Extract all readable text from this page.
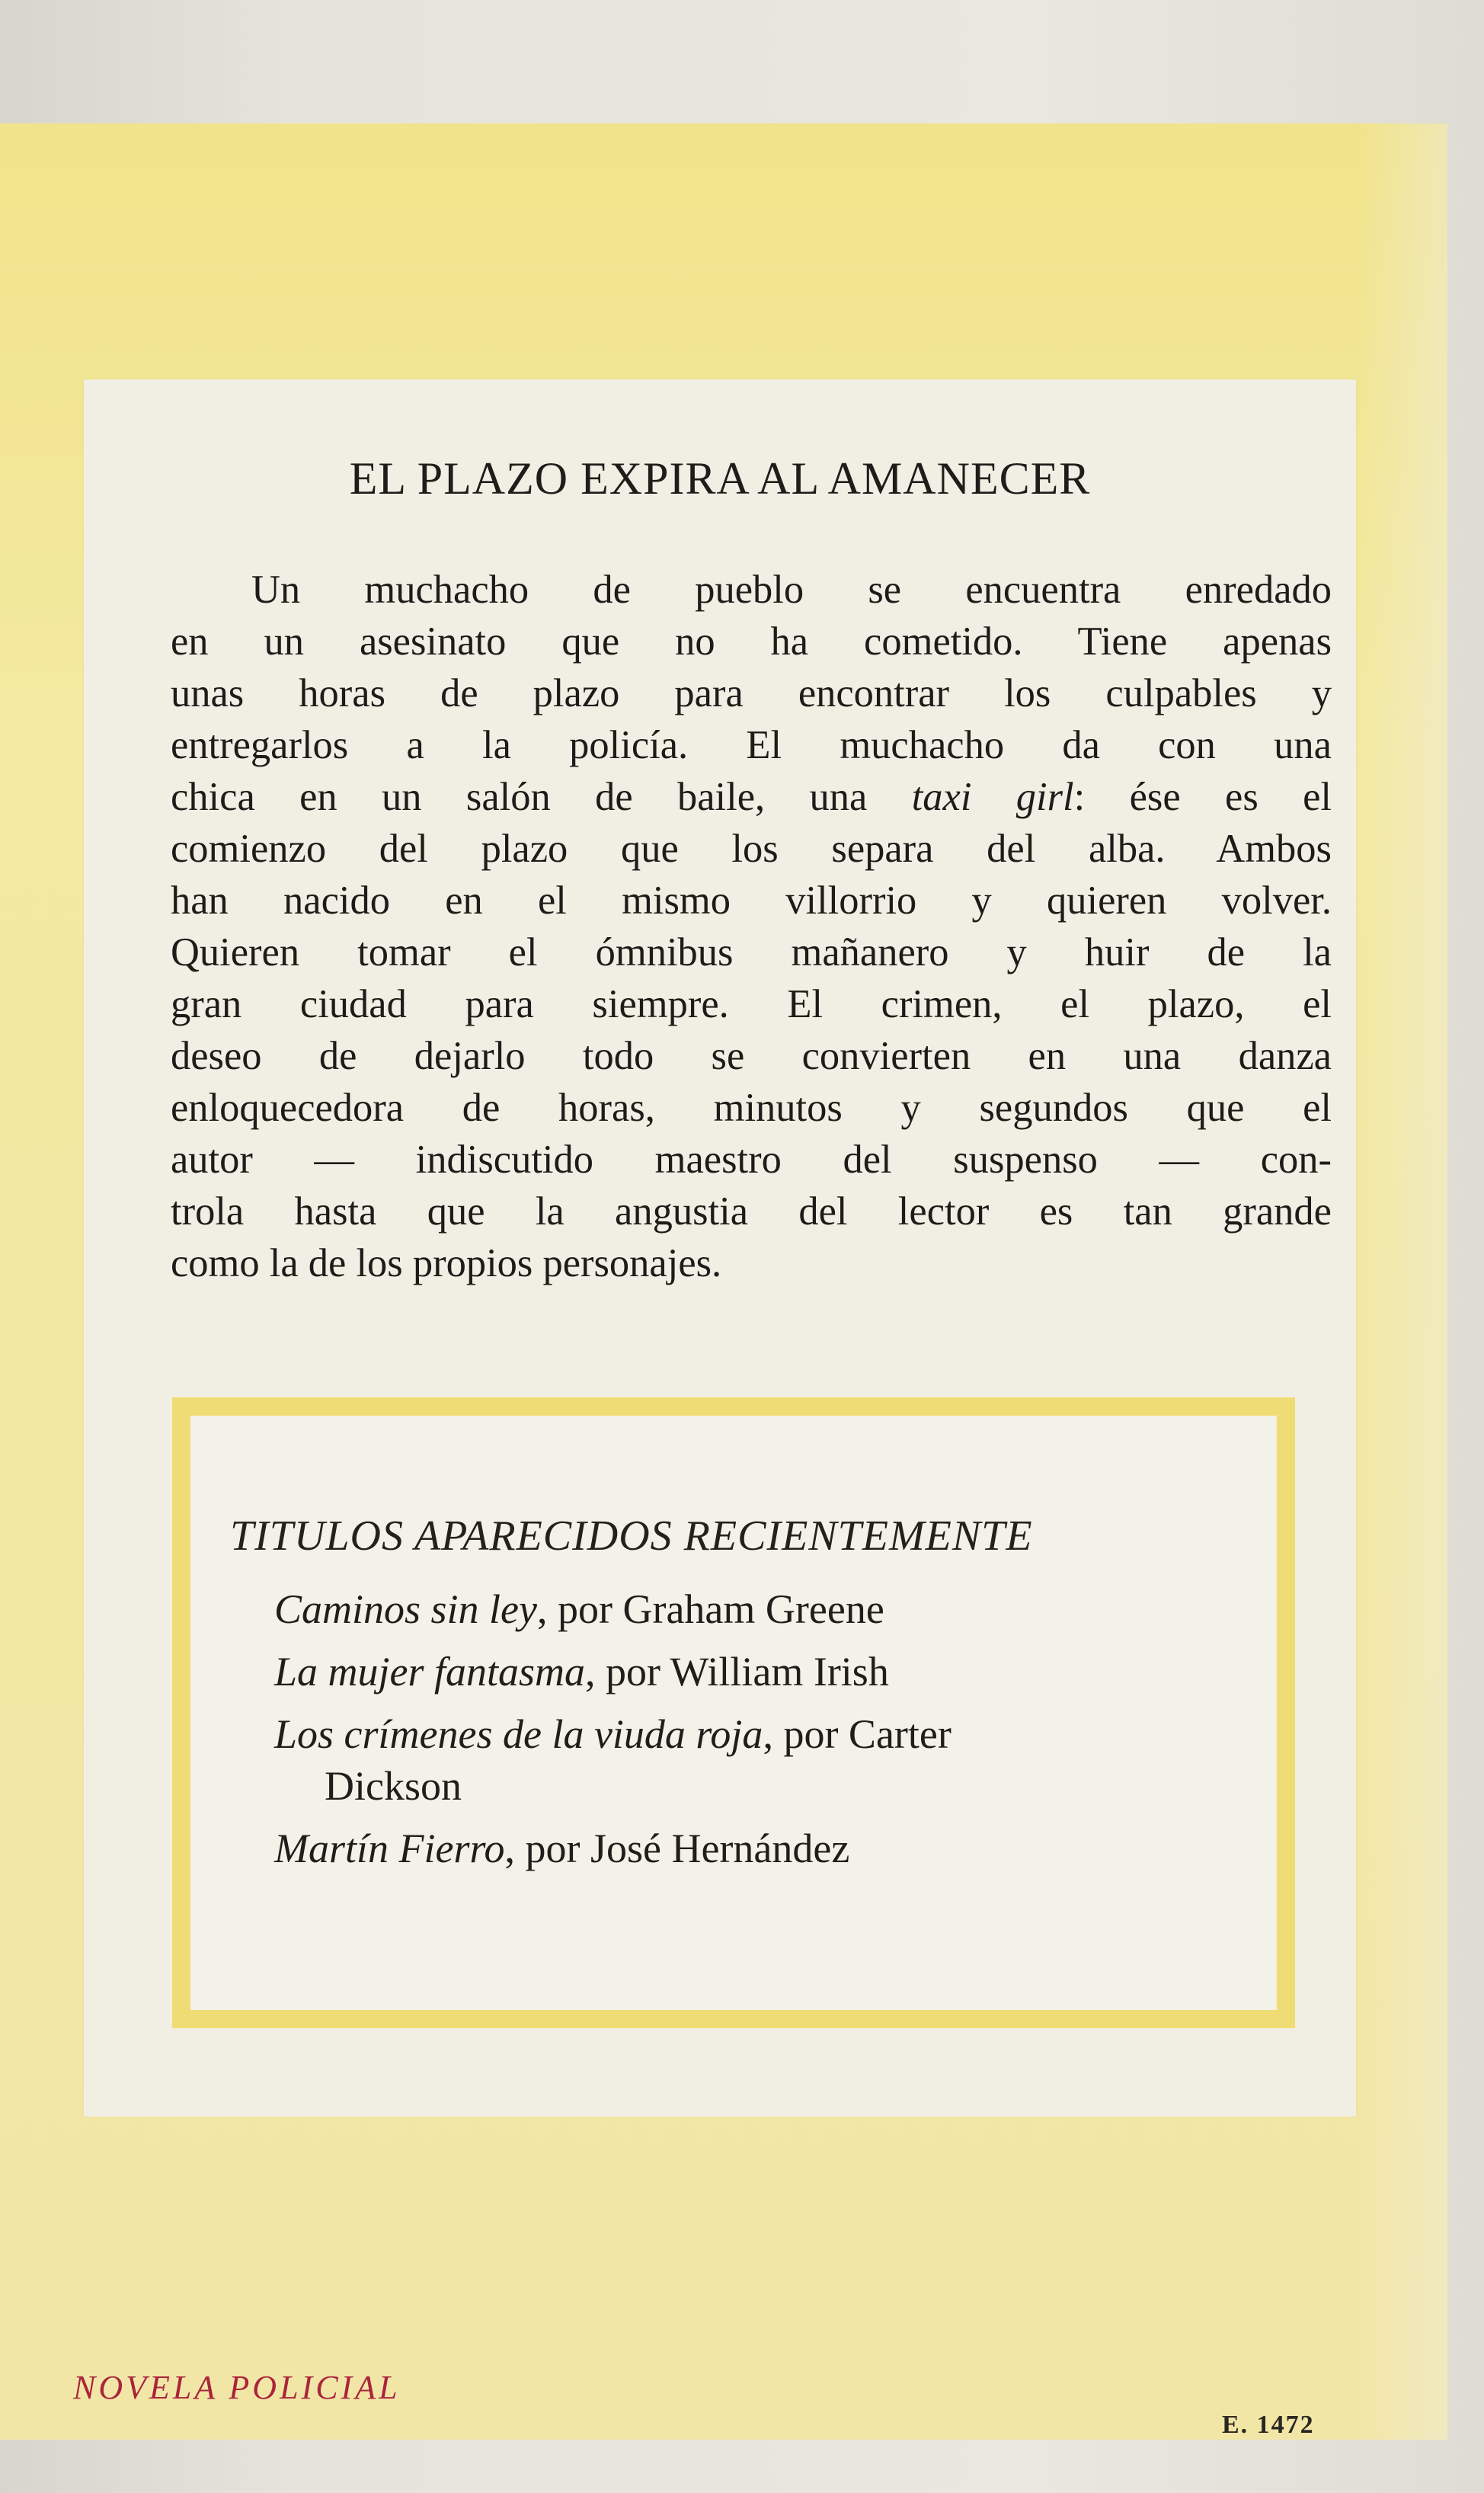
EL PLAZO EXPIRA AL AMANECER
Un muchacho de pueblo se encuentra enredado
en un asesinato que no ha cometido. Tiene apenas
unas horas de plazo para encontrar los culpables y
entregarlos a la policía. El muchacho da con una
chica en un salón de baile, una taxi girl: ése es el
comienzo del plazo que los separa del alba. Ambos
han nacido en el mismo villorrio y quieren volver.
Quieren tomar el ómnibus mañanero y huir de la
gran ciudad para siempre. El crimen, el plazo, el
deseo de dejarlo todo se convierten en una danza
enloquecedora de horas, minutos y segundos que el
autor — indiscutido maestro del suspenso — con-
trola hasta que la angustia del lector es tan grande
como la de los propios personajes.
TITULOS APARECIDOS RECIENTEMENTE
Caminos sin ley, por Graham Greene
La mujer fantasma, por William Irish
Los crímenes de la viuda roja, por Carter
Dickson
Martín Fierro, por José Hernández
NOVELA POLICIAL
E. 1472
